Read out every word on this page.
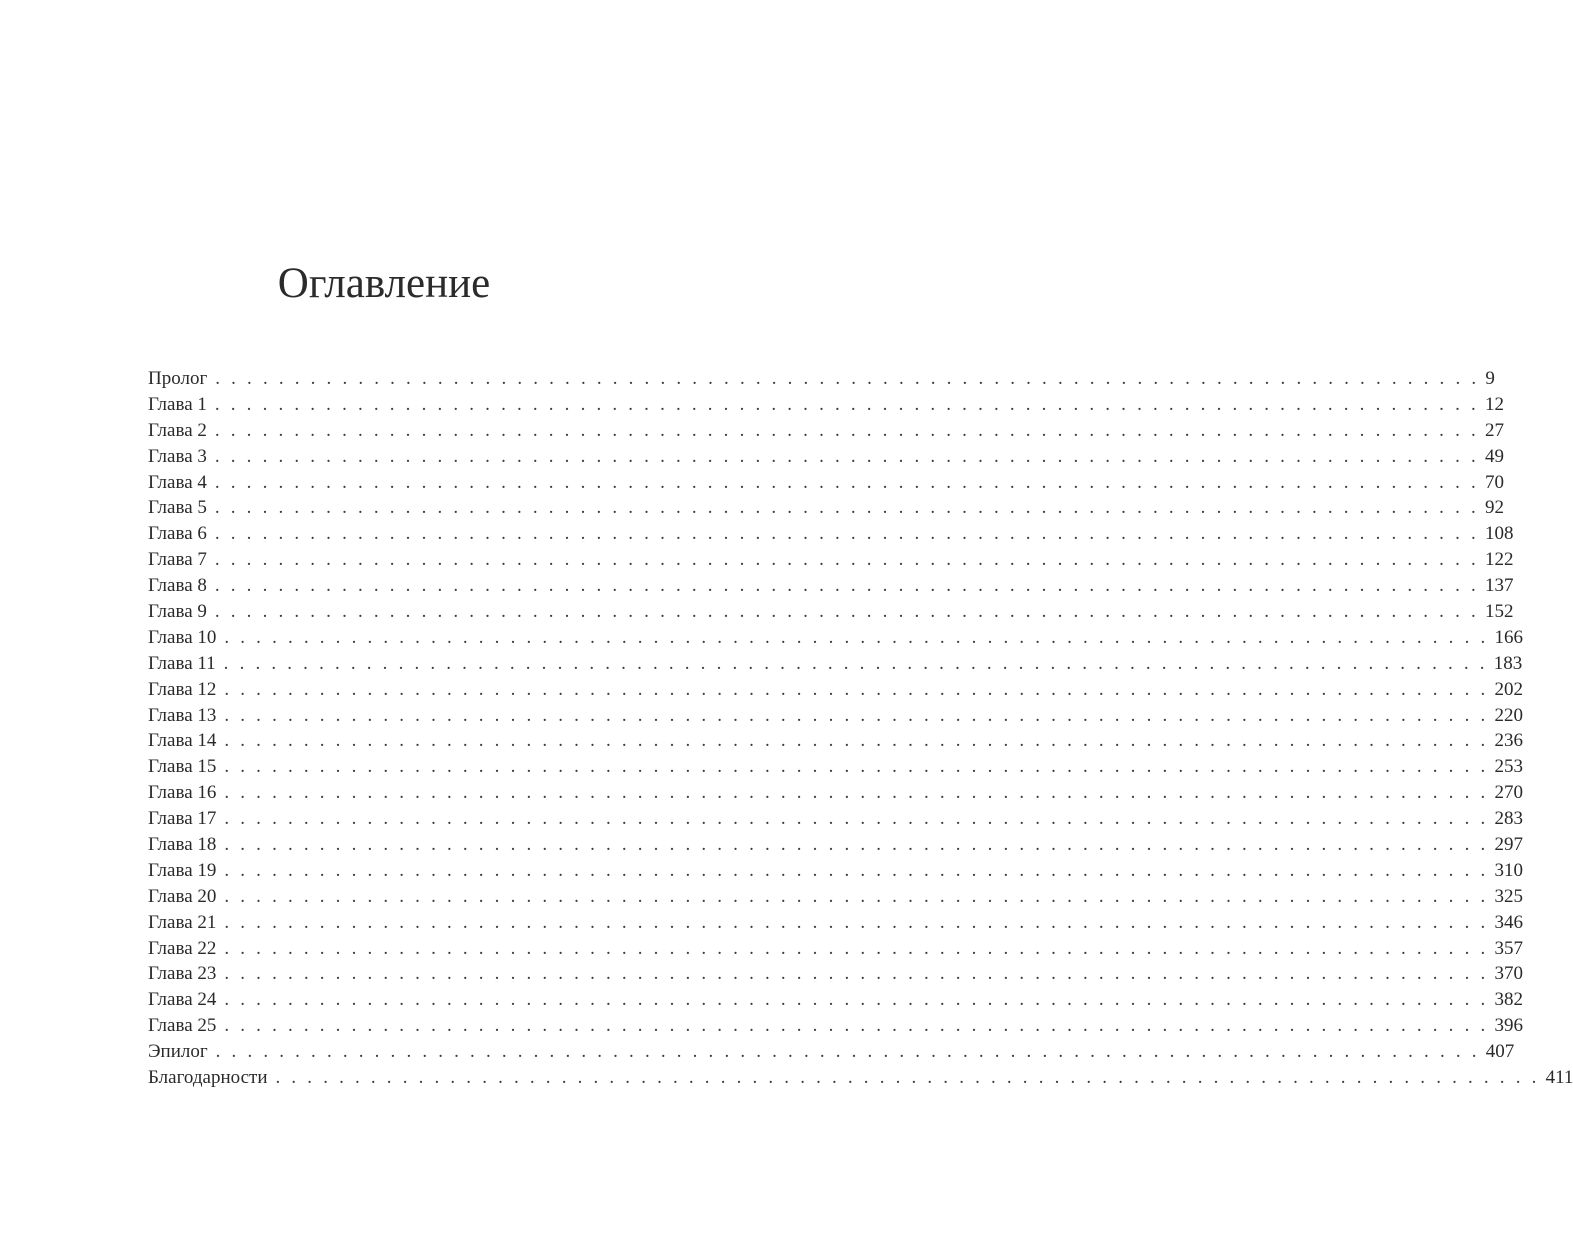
Оглавление
Пролог . . . . . . . . . . . . . . . . . . . . . . . . . . . . . . . . . . . . . . . . . . . . . . . . . . . . . . . . . . . . . . . . . . . . . . . . . . . . . . . . 9
Глава 1 . . . . . . . . . . . . . . . . . . . . . . . . . . . . . . . . . . . . . . . . . . . . . . . . . . . . . . . . . . . . . . . . . . . . . . . . . . . . . . . . 12
Глава 2 . . . . . . . . . . . . . . . . . . . . . . . . . . . . . . . . . . . . . . . . . . . . . . . . . . . . . . . . . . . . . . . . . . . . . . . . . . . . . . . . 27
Глава 3 . . . . . . . . . . . . . . . . . . . . . . . . . . . . . . . . . . . . . . . . . . . . . . . . . . . . . . . . . . . . . . . . . . . . . . . . . . . . . . . . 49
Глава 4 . . . . . . . . . . . . . . . . . . . . . . . . . . . . . . . . . . . . . . . . . . . . . . . . . . . . . . . . . . . . . . . . . . . . . . . . . . . . . . . . 70
Глава 5 . . . . . . . . . . . . . . . . . . . . . . . . . . . . . . . . . . . . . . . . . . . . . . . . . . . . . . . . . . . . . . . . . . . . . . . . . . . . . . . . 92
Глава 6 . . . . . . . . . . . . . . . . . . . . . . . . . . . . . . . . . . . . . . . . . . . . . . . . . . . . . . . . . . . . . . . . . . . . . . . . . . . . . . . . 108
Глава 7 . . . . . . . . . . . . . . . . . . . . . . . . . . . . . . . . . . . . . . . . . . . . . . . . . . . . . . . . . . . . . . . . . . . . . . . . . . . . . . . . 122
Глава 8 . . . . . . . . . . . . . . . . . . . . . . . . . . . . . . . . . . . . . . . . . . . . . . . . . . . . . . . . . . . . . . . . . . . . . . . . . . . . . . . . 137
Глава 9 . . . . . . . . . . . . . . . . . . . . . . . . . . . . . . . . . . . . . . . . . . . . . . . . . . . . . . . . . . . . . . . . . . . . . . . . . . . . . . . . 152
Глава 10 . . . . . . . . . . . . . . . . . . . . . . . . . . . . . . . . . . . . . . . . . . . . . . . . . . . . . . . . . . . . . . . . . . . . . . . . . . . . . . . . 166
Глава 11 . . . . . . . . . . . . . . . . . . . . . . . . . . . . . . . . . . . . . . . . . . . . . . . . . . . . . . . . . . . . . . . . . . . . . . . . . . . . . . . . 183
Глава 12 . . . . . . . . . . . . . . . . . . . . . . . . . . . . . . . . . . . . . . . . . . . . . . . . . . . . . . . . . . . . . . . . . . . . . . . . . . . . . . . . 202
Глава 13 . . . . . . . . . . . . . . . . . . . . . . . . . . . . . . . . . . . . . . . . . . . . . . . . . . . . . . . . . . . . . . . . . . . . . . . . . . . . . . . . 220
Глава 14 . . . . . . . . . . . . . . . . . . . . . . . . . . . . . . . . . . . . . . . . . . . . . . . . . . . . . . . . . . . . . . . . . . . . . . . . . . . . . . . . 236
Глава 15 . . . . . . . . . . . . . . . . . . . . . . . . . . . . . . . . . . . . . . . . . . . . . . . . . . . . . . . . . . . . . . . . . . . . . . . . . . . . . . . . 253
Глава 16 . . . . . . . . . . . . . . . . . . . . . . . . . . . . . . . . . . . . . . . . . . . . . . . . . . . . . . . . . . . . . . . . . . . . . . . . . . . . . . . . 270
Глава 17 . . . . . . . . . . . . . . . . . . . . . . . . . . . . . . . . . . . . . . . . . . . . . . . . . . . . . . . . . . . . . . . . . . . . . . . . . . . . . . . . 283
Глава 18 . . . . . . . . . . . . . . . . . . . . . . . . . . . . . . . . . . . . . . . . . . . . . . . . . . . . . . . . . . . . . . . . . . . . . . . . . . . . . . . . 297
Глава 19 . . . . . . . . . . . . . . . . . . . . . . . . . . . . . . . . . . . . . . . . . . . . . . . . . . . . . . . . . . . . . . . . . . . . . . . . . . . . . . . . 310
Глава 20 . . . . . . . . . . . . . . . . . . . . . . . . . . . . . . . . . . . . . . . . . . . . . . . . . . . . . . . . . . . . . . . . . . . . . . . . . . . . . . . . 325
Глава 21 . . . . . . . . . . . . . . . . . . . . . . . . . . . . . . . . . . . . . . . . . . . . . . . . . . . . . . . . . . . . . . . . . . . . . . . . . . . . . . . . 346
Глава 22 . . . . . . . . . . . . . . . . . . . . . . . . . . . . . . . . . . . . . . . . . . . . . . . . . . . . . . . . . . . . . . . . . . . . . . . . . . . . . . . . 357
Глава 23 . . . . . . . . . . . . . . . . . . . . . . . . . . . . . . . . . . . . . . . . . . . . . . . . . . . . . . . . . . . . . . . . . . . . . . . . . . . . . . . . 370
Глава 24 . . . . . . . . . . . . . . . . . . . . . . . . . . . . . . . . . . . . . . . . . . . . . . . . . . . . . . . . . . . . . . . . . . . . . . . . . . . . . . . . 382
Глава 25 . . . . . . . . . . . . . . . . . . . . . . . . . . . . . . . . . . . . . . . . . . . . . . . . . . . . . . . . . . . . . . . . . . . . . . . . . . . . . . . . 396
Эпилог . . . . . . . . . . . . . . . . . . . . . . . . . . . . . . . . . . . . . . . . . . . . . . . . . . . . . . . . . . . . . . . . . . . . . . . . . . . . . . . . 407
Благодарности . . . . . . . . . . . . . . . . . . . . . . . . . . . . . . . . . . . . . . . . . . . . . . . . . . . . . . . . . . . . . . . . . . . . . . . . . . . . . . . . 411
